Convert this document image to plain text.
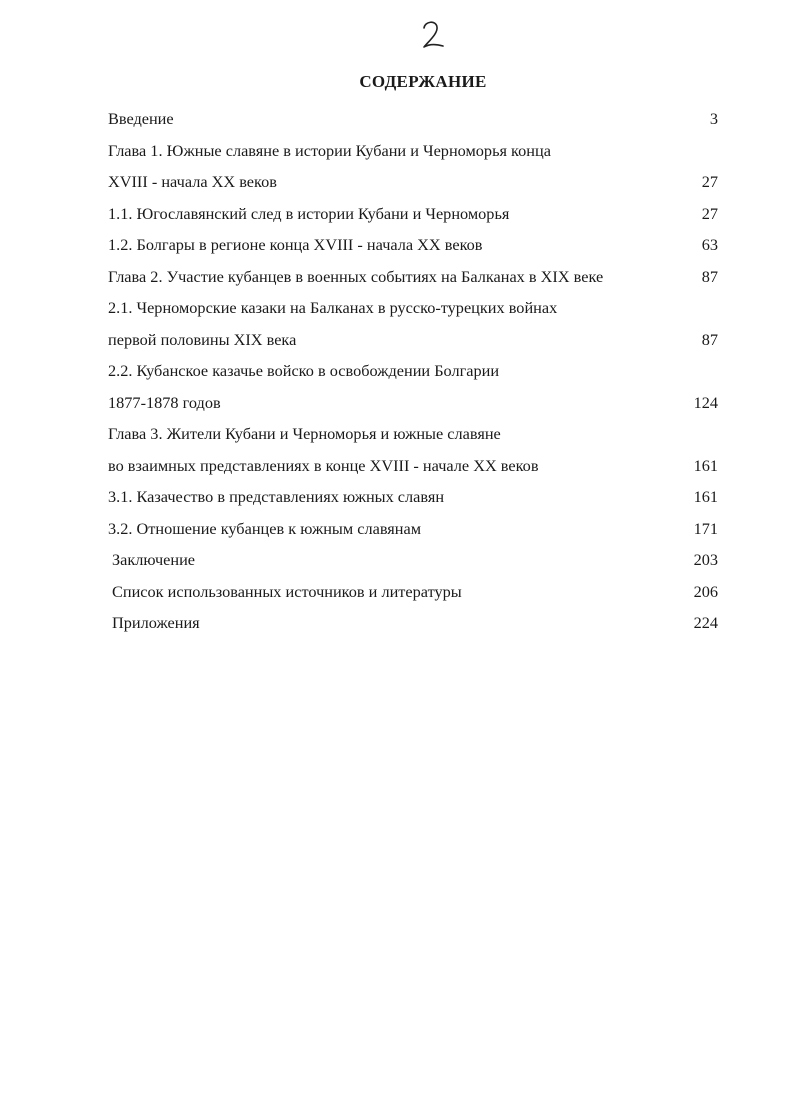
СОДЕРЖАНИЕ
Введение	3
Глава 1. Южные славяне в истории Кубани и Черноморья конца
XVIII - начала XX веков	27
1.1. Югославянский след в истории Кубани и Черноморья	27
1.2. Болгары в регионе конца XVIII - начала XX веков	63
Глава 2. Участие кубанцев в военных событиях на Балканах в XIX веке	87
2.1. Черноморские казаки на Балканах в русско-турецких войнах
первой половины XIX века	87
2.2. Кубанское казачье войско в освобождении Болгарии
1877-1878 годов	124
Глава 3. Жители Кубани и Черноморья и южные славяне
во взаимных представлениях в конце XVIII - начале XX веков	161
3.1. Казачество в представлениях южных славян	161
3.2. Отношение кубанцев к южным славянам	171
Заключение	203
Список использованных источников и литературы	206
Приложения	224
